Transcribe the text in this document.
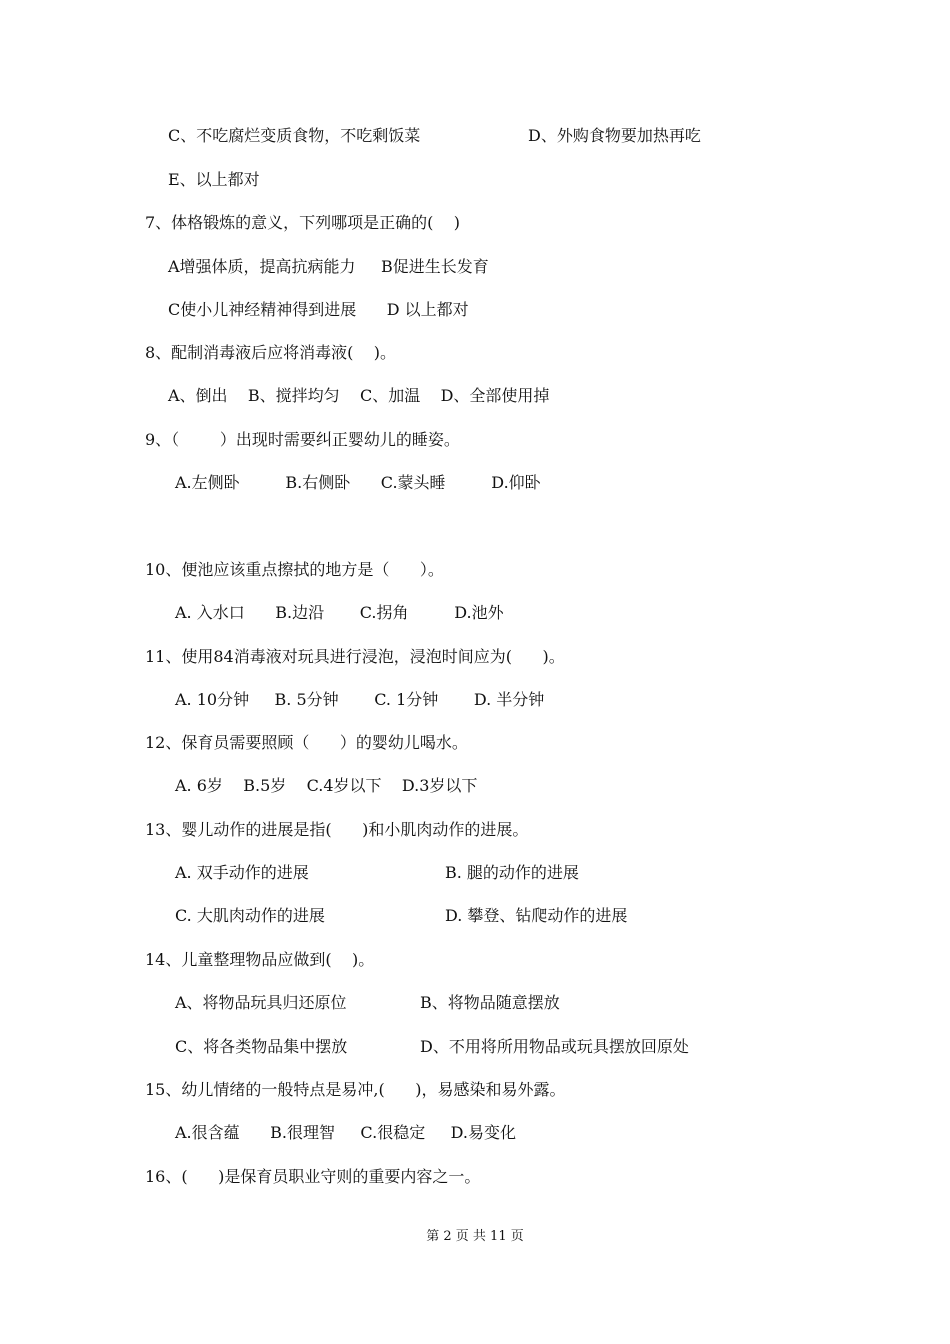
C、不吃腐烂变质食物，不吃剩饭菜	D、外购食物要加热再吃
E、以上都对
7、体格锻炼的意义，下列哪项是正确的(    )
A增强体质，提高抗病能力     B促进生长发育
C使小儿神经精神得到进展      D 以上都对
8、配制消毒液后应将消毒液(    )。
A、倒出    B、搅拌均匀    C、加温    D、全部使用掉
9、（        ）出现时需要纠正婴幼儿的睡姿。
A.左侧卧         B.右侧卧      C.蒙头睡         D.仰卧
10、便池应该重点擦拭的地方是（      ）。
A. 入水口      B.边沿       C.拐角         D.池外
11、使用84消毒液对玩具进行浸泡，浸泡时间应为(      )。
A. 10分钟     B. 5分钟       C. 1分钟       D. 半分钟
12、保育员需要照顾（      ）的婴幼儿喝水。
A. 6岁    B.5岁    C.4岁以下    D.3岁以下
13、婴儿动作的进展是指(      )和小肌肉动作的进展。
A. 双手动作的进展	B. 腿的动作的进展
C. 大肌肉动作的进展	D. 攀登、钻爬动作的进展
14、儿童整理物品应做到(    )。
A、将物品玩具归还原位	B、将物品随意摆放
C、将各类物品集中摆放	D、不用将所用物品或玩具摆放回原处
15、幼儿情绪的一般特点是易冲,(      )，易感染和易外露。
A.很含蕴      B.很理智     C.很稳定     D.易变化
16、(      )是保育员职业守则的重要内容之一。
第 2 页 共 11 页
